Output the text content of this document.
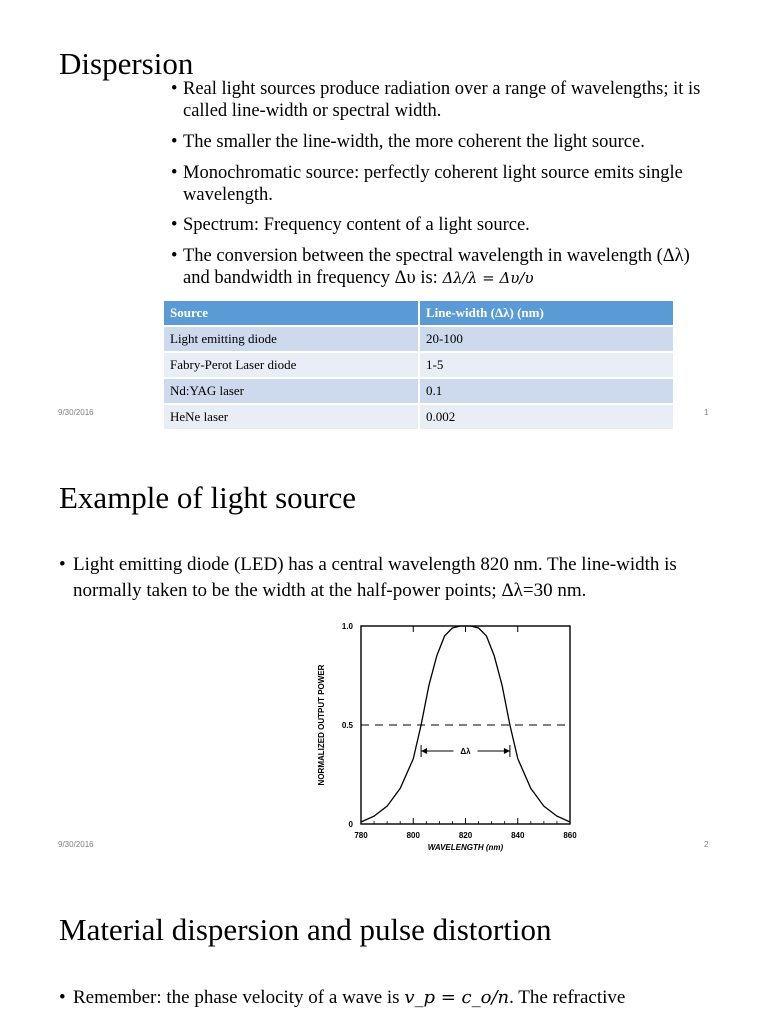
Dispersion
• Real light sources produce radiation over a range of wavelengths; it is called line-width or spectral width.
• The smaller the line-width, the more coherent the light source.
• Monochromatic source: perfectly coherent light source emits single wavelength.
• Spectrum: Frequency content of a light source.
• The conversion between the spectral wavelength in wavelength (Δλ) and bandwidth in frequency Δυ is: Δλ/λ = Δυ/υ
Source	Line-width (Δλ) (nm)
Light emitting diode	20-100
Fabry-Perot Laser diode	1-5
Nd:YAG laser	0.1
HeNe laser	0.002
9/30/2016	1
Example of light source
• Light emitting diode (LED) has a central wavelength 820 nm. The line-width is normally taken to be the width at the half-power points; Δλ=30 nm.
780	800	820	840	860
0
0.5
1.0
Δλ
WAVELENGTH (nm)
NORMALIZED OUTPUT POWER
9/30/2016	2
Material dispersion and pulse distortion
• Remember: the phase velocity of a wave is v_p = c_o/n. The refractive
